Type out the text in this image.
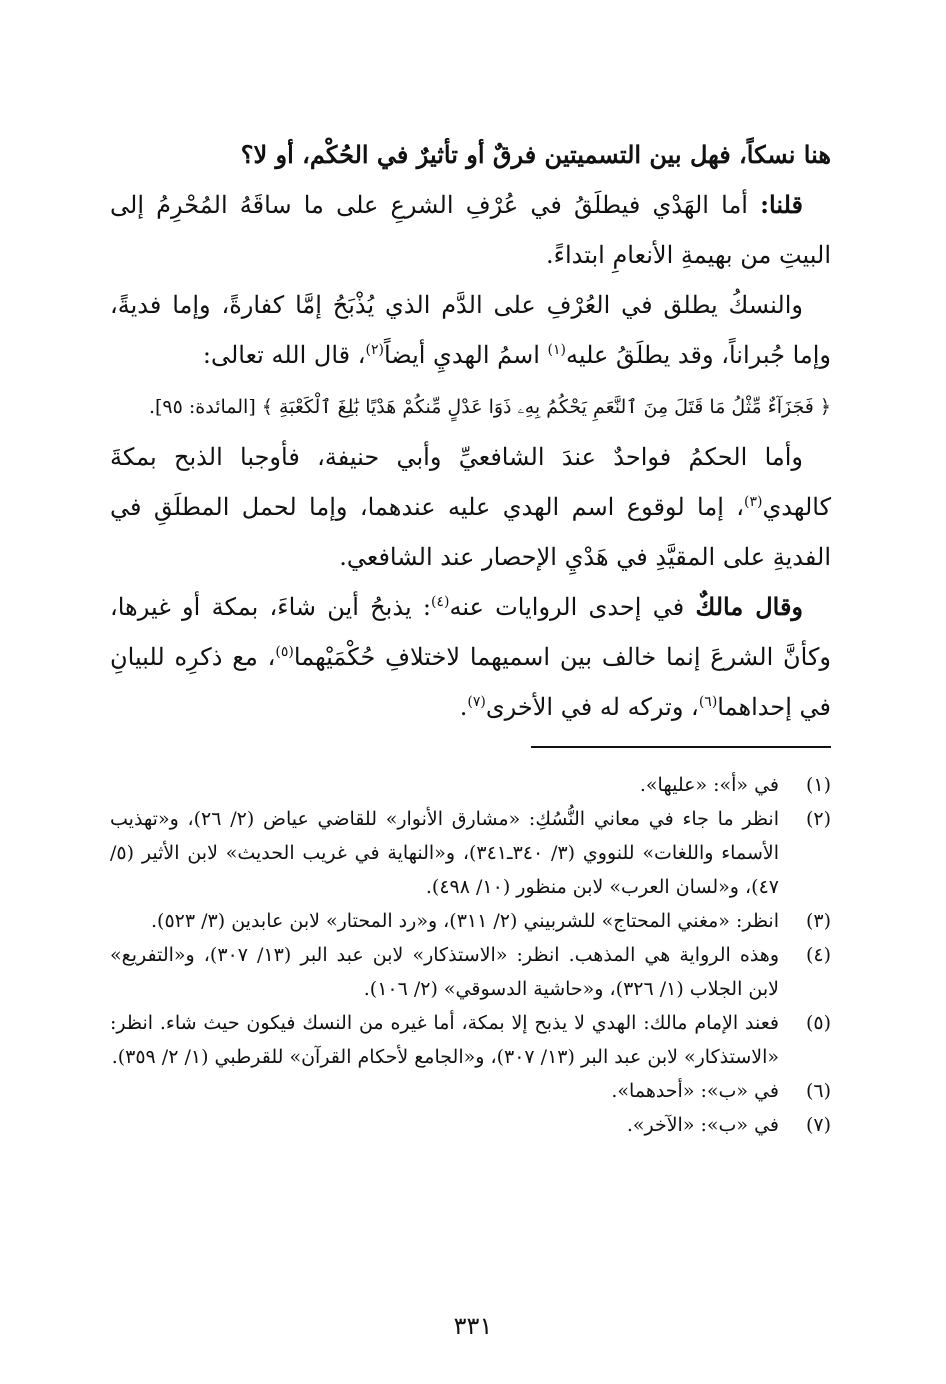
هنا نسكاً، فهل بين التسميتين فرقٌ أو تأثيرٌ في الحُكْم، أو لا؟

قلنا: أما الهَدْي فيطلَقُ في عُرْفِ الشرعِ على ما ساقَهُ المُحْرِمُ إلى البيتِ من بهيمةِ الأنعامِ ابتداءً.

والنسكُ يطلق في العُرْفِ على الدَّم الذي يُذْبَحُ إمَّا كفارةً، وإما فديةً، وإما جُبراناً، وقد يطلَقُ عليه$^{(١)}$ اسمُ الهديِ أيضاً$^{(٢)}$، قال الله تعالى:

﴿ فَجَزَآءٌ مِّثْلُ مَا قَتَلَ مِنَ ٱلنَّعَمِ يَحْكُمُ بِهِۦ ذَوَا عَدْلٍ مِّنكُمْ هَدْيًا بَٰلِغَ ٱلْكَعْبَةِ ﴾ [المائدة: ٩٥].

وأما الحكمُ فواحدٌ عندَ الشافعيِّ وأبي حنيفة، فأوجبا الذبح بمكةَ كالهدي$^{(٣)}$، إما لوقوع اسم الهدي عليه عندهما، وإما لحمل المطلَقِ في الفديةِ على المقيَّدِ في هَدْيِ الإحصار عند الشافعي.

وقال مالكٌ في إحدى الروايات عنه$^{(٤)}$: يذبحُ أين شاءَ، بمكة أو غيرها، وكأنَّ الشرعَ إنما خالف بين اسميهما لاختلافِ حُكْمَيْهما$^{(٥)}$، مع ذكرِه للبيانِ في إحداهما$^{(٦)}$، وتركه له في الأخرى$^{(٧)}$.

(١)
في «أ»: «عليها».
(٢)
انظر ما جاء في معاني النُّسُكِ: «مشارق الأنوار» للقاضي عياض (٢/ ٢٦)، و«تهذيب الأسماء واللغات» للنووي (٣/ ٣٤٠ـ٣٤١)، و«النهاية في غريب الحديث» لابن الأثير (٥/ ٤٧)، و«لسان العرب» لابن منظور (١٠/ ٤٩٨).
(٣)
انظر: «مغني المحتاج» للشربيني (٢/ ٣١١)، و«رد المحتار» لابن عابدين (٣/ ٥٢٣).
(٤)
وهذه الرواية هي المذهب. انظر: «الاستذكار» لابن عبد البر (١٣/ ٣٠٧)، و«التفريع» لابن الجلاب (١/ ٣٢٦)، و«حاشية الدسوقي» (٢/ ١٠٦).
(٥)
فعند الإمام مالك: الهدي لا يذبح إلا بمكة، أما غيره من النسك فيكون حيث شاء. انظر: «الاستذكار» لابن عبد البر (١٣/ ٣٠٧)، و«الجامع لأحكام القرآن» للقرطبي (١/ ٢/ ٣٥٩).
(٦)
في «ب»: «أحدهما».
(٧)
في «ب»: «الآخر».
٣٣١
